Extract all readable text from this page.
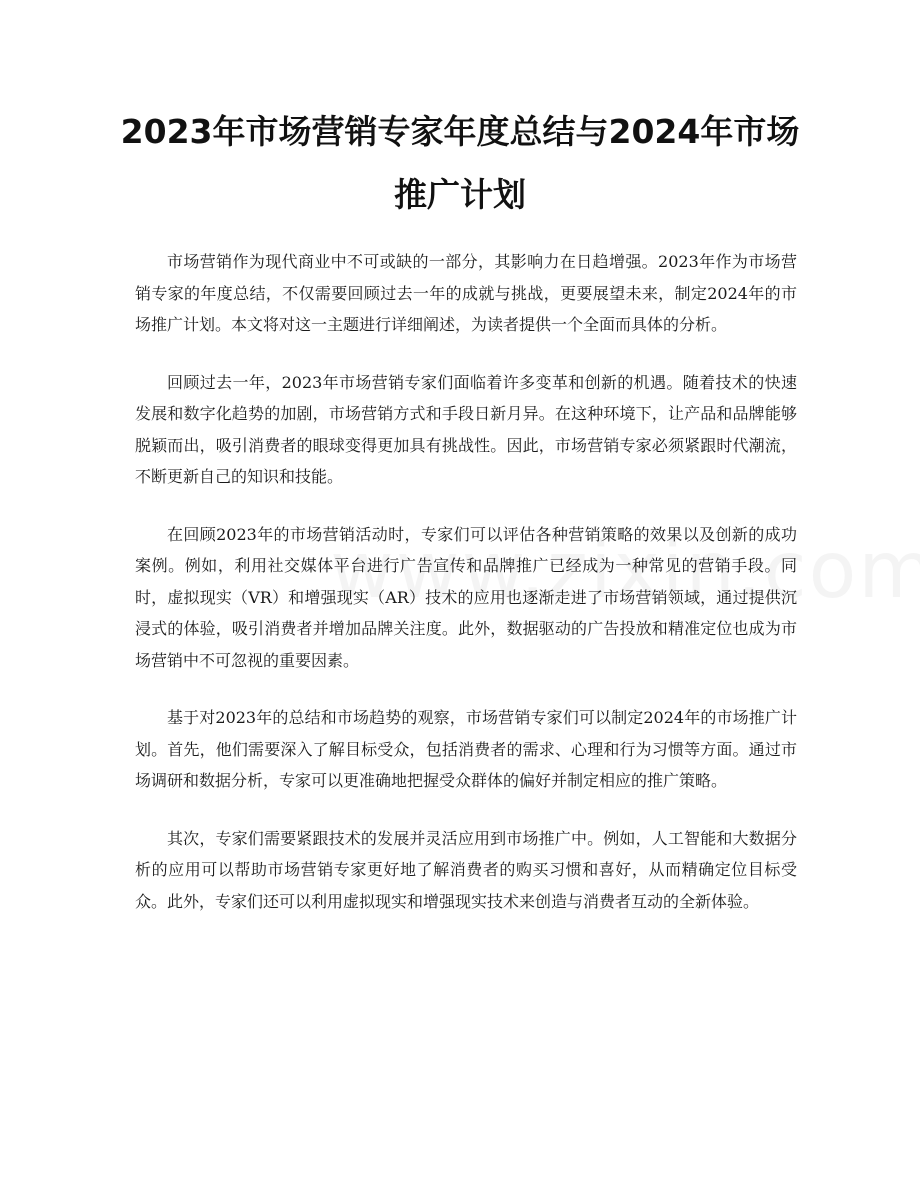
2023年市场营销专家年度总结与2024年市场推广计划

市场营销作为现代商业中不可或缺的一部分，其影响力在日趋增强。2023年作为市场营销专家的年度总结，不仅需要回顾过去一年的成就与挑战，更要展望未来，制定2024年的市场推广计划。本文将对这一主题进行详细阐述，为读者提供一个全面而具体的分析。

回顾过去一年，2023年市场营销专家们面临着许多变革和创新的机遇。随着技术的快速发展和数字化趋势的加剧，市场营销方式和手段日新月异。在这种环境下，让产品和品牌能够脱颖而出，吸引消费者的眼球变得更加具有挑战性。因此，市场营销专家必须紧跟时代潮流，不断更新自己的知识和技能。

在回顾2023年的市场营销活动时，专家们可以评估各种营销策略的效果以及创新的成功案例。例如，利用社交媒体平台进行广告宣传和品牌推广已经成为一种常见的营销手段。同时，虚拟现实（VR）和增强现实（AR）技术的应用也逐渐走进了市场营销领域，通过提供沉浸式的体验，吸引消费者并增加品牌关注度。此外，数据驱动的广告投放和精准定位也成为市场营销中不可忽视的重要因素。

基于对2023年的总结和市场趋势的观察，市场营销专家们可以制定2024年的市场推广计划。首先，他们需要深入了解目标受众，包括消费者的需求、心理和行为习惯等方面。通过市场调研和数据分析，专家可以更准确地把握受众群体的偏好并制定相应的推广策略。

其次，专家们需要紧跟技术的发展并灵活应用到市场推广中。例如，人工智能和大数据分析的应用可以帮助市场营销专家更好地了解消费者的购买习惯和喜好，从而精确定位目标受众。此外，专家们还可以利用虚拟现实和增强现实技术来创造与消费者互动的全新体验。
